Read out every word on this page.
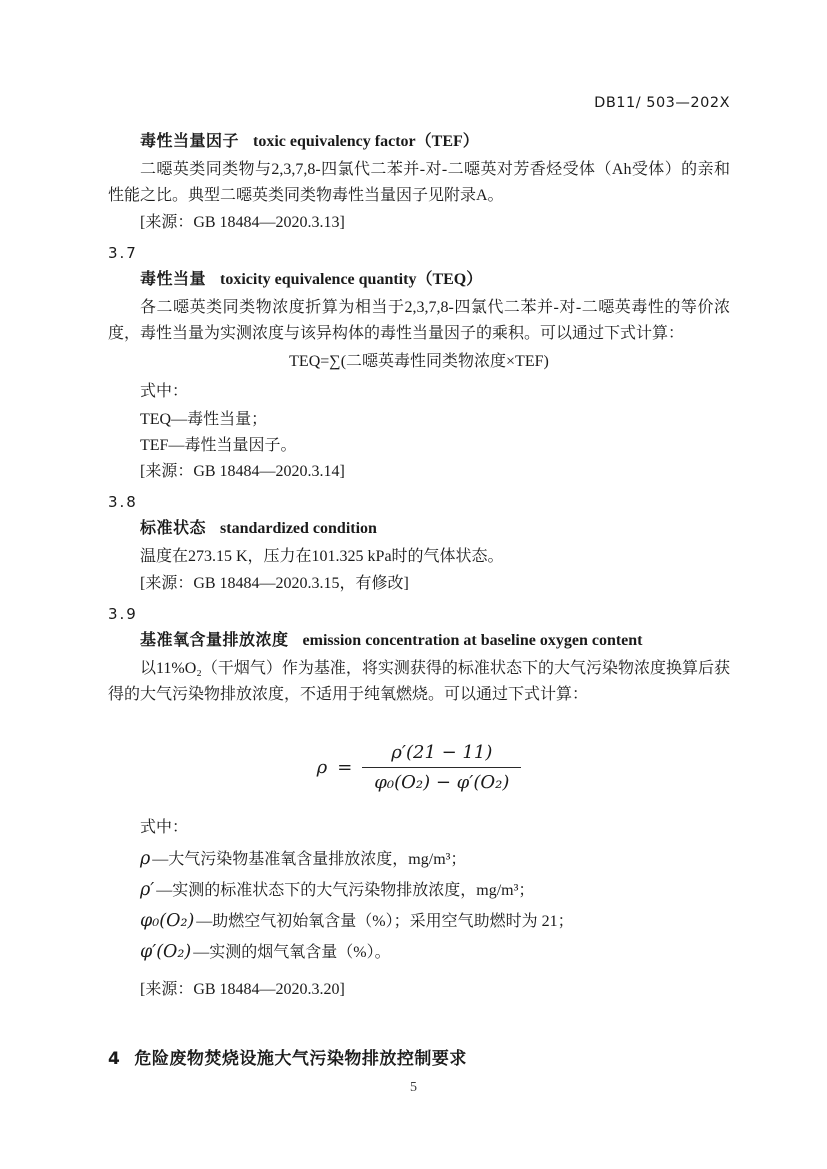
DB11/ 503—202X
毒性当量因子 toxic equivalency factor（TEF）

二噁英类同类物与2,3,7,8-四氯代二苯并-对-二噁英对芳香烃受体（Ah受体）的亲和性能之比。典型二噁英类同类物毒性当量因子见附录A。

[来源：GB 18484—2020.3.13]
3.7
毒性当量 toxicity equivalence quantity（TEQ）

各二噁英类同类物浓度折算为相当于2,3,7,8-四氯代二苯并-对-二噁英毒性的等价浓度，毒性当量为实测浓度与该异构体的毒性当量因子的乘积。可以通过下式计算：

TEQ=∑(二噁英毒性同类物浓度×TEF)
式中：
TEQ—毒性当量；
TEF—毒性当量因子。
[来源：GB 18484—2020.3.14]
3.8
标准状态 standardized condition

温度在273.15 K，压力在101.325 kPa时的气体状态。

[来源：GB 18484—2020.3.15，有修改]
3.9
基准氧含量排放浓度 emission concentration at baseline oxygen content

以11%O₂（干烟气）作为基准，将实测获得的标准状态下的大气污染物浓度换算后获得的大气污染物排放浓度，不适用于纯氧燃烧。可以通过下式计算：

$\rho = \frac{\rho'(21 - 11)}{\text{φ₀(O₂) − φ′(O₂)}}$
式中：
ρ —大气污染物基准氧含量排放浓度，mg/m³；
ρ′ —实测的标准状态下的大气污染物排放浓度，mg/m³；
φ₀(O₂) —助燃空气初始氧含量（%）；采用空气助燃时为 21；
φ′(O₂) —实测的烟气氧含量（%）。
[来源：GB 18484—2020.3.20]
4 危险废物焚烧设施大气污染物排放控制要求
5
